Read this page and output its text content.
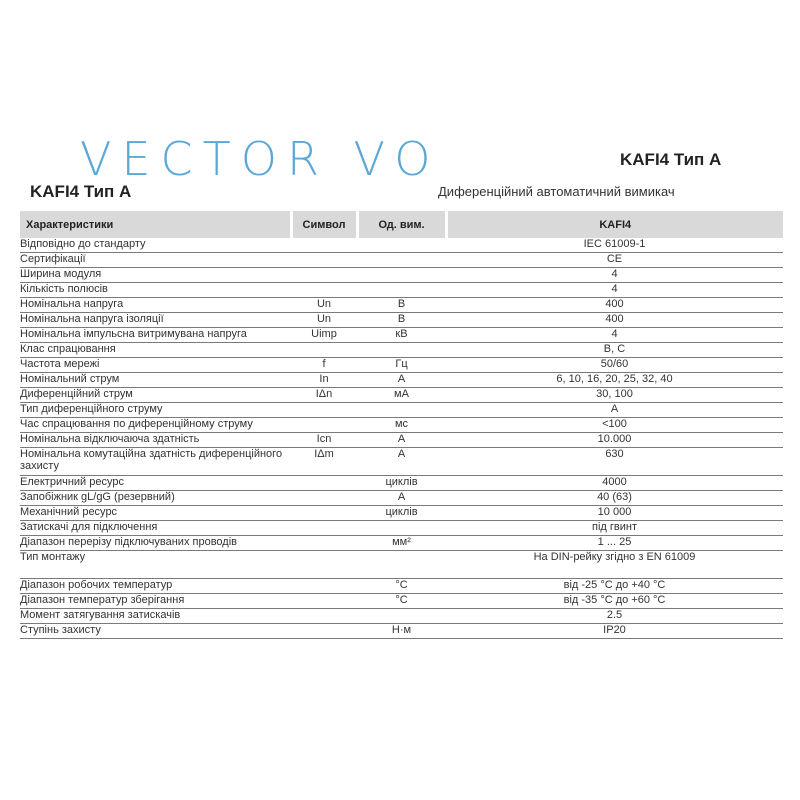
VECTOR VO	KAFI4 Тип А
KAFI4 Тип А	Диференційний автоматичний вимикач
Характеристики	Символ	Од. вим.	KAFI4
Відповідно до стандарту			IEC 61009-1
Сертифікації			CE
Ширина модуля			4
Кількість полюсів			4
Номінальна напруга	Un	В	400
Номінальна напруга ізоляції	Un	В	400
Номінальна імпульсна витримувана напруга	Uimp	кВ	4
Клас спрацювання			B, C
Частота мережі	f	Гц	50/60
Номінальний струм	In	А	6, 10, 16, 20, 25, 32, 40
Диференційний струм	IΔn	мА	30, 100
Тип диференційного струму			A
Час спрацювання по диференційному струму		мс	<100
Номінальна відключаюча здатність	Icn	А	10.000
Номінальна комутаційна здатність диференційного захисту	IΔm	А	630
Електричний ресурс		циклів	4000
Запобіжник gL/gG (резервний)		А	40 (63)
Механічний ресурс		циклів	10 000
Затискачі для підключення			під гвинт
Діапазон перерізу підключуваних проводів		мм²	1 ... 25
Тип монтажу			На DIN-рейку згідно з EN 61009
Діапазон робочих температур		°C	від -25 °C до +40 °C
Діапазон температур зберігання		°C	від -35 °C до +60 °C
Момент затягування затискачів			2.5
Ступінь захисту		Н·м	IP20
